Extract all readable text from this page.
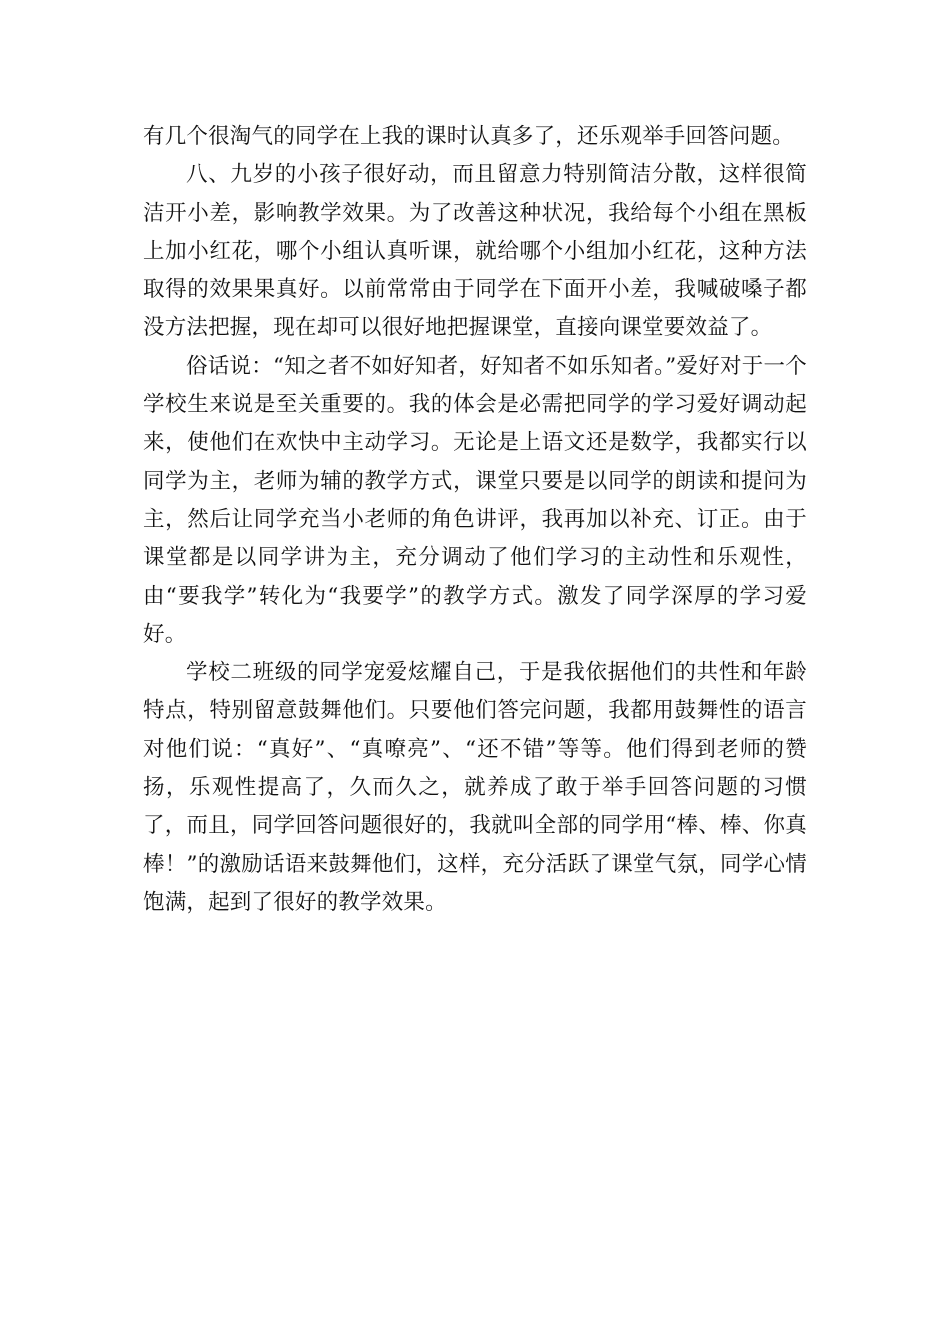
有几个很淘气的同学在上我的课时认真多了，还乐观举手回答问题。

八、九岁的小孩子很好动，而且留意力特别简洁分散，这样很简洁开小差，影响教学效果。为了改善这种状况，我给每个小组在黑板上加小红花，哪个小组认真听课，就给哪个小组加小红花，这种方法取得的效果果真好。以前常常由于同学在下面开小差，我喊破嗓子都没方法把握，现在却可以很好地把握课堂，直接向课堂要效益了。

俗话说：“知之者不如好知者，好知者不如乐知者。”爱好对于一个学校生来说是至关重要的。我的体会是必需把同学的学习爱好调动起来，使他们在欢快中主动学习。无论是上语文还是数学，我都实行以同学为主，老师为辅的教学方式，课堂只要是以同学的朗读和提问为主，然后让同学充当小老师的角色讲评，我再加以补充、订正。由于课堂都是以同学讲为主，充分调动了他们学习的主动性和乐观性，由“要我学”转化为“我要学”的教学方式。激发了同学深厚的学习爱好。

学校二班级的同学宠爱炫耀自己，于是我依据他们的共性和年龄特点，特别留意鼓舞他们。只要他们答完问题，我都用鼓舞性的语言对他们说：“真好”、“真嘹亮”、“还不错”等等。他们得到老师的赞扬，乐观性提高了，久而久之，就养成了敢于举手回答问题的习惯了，而且，同学回答问题很好的，我就叫全部的同学用“棒、棒、你真棒！”的激励话语来鼓舞他们，这样，充分活跃了课堂气氛，同学心情饱满，起到了很好的教学效果。
